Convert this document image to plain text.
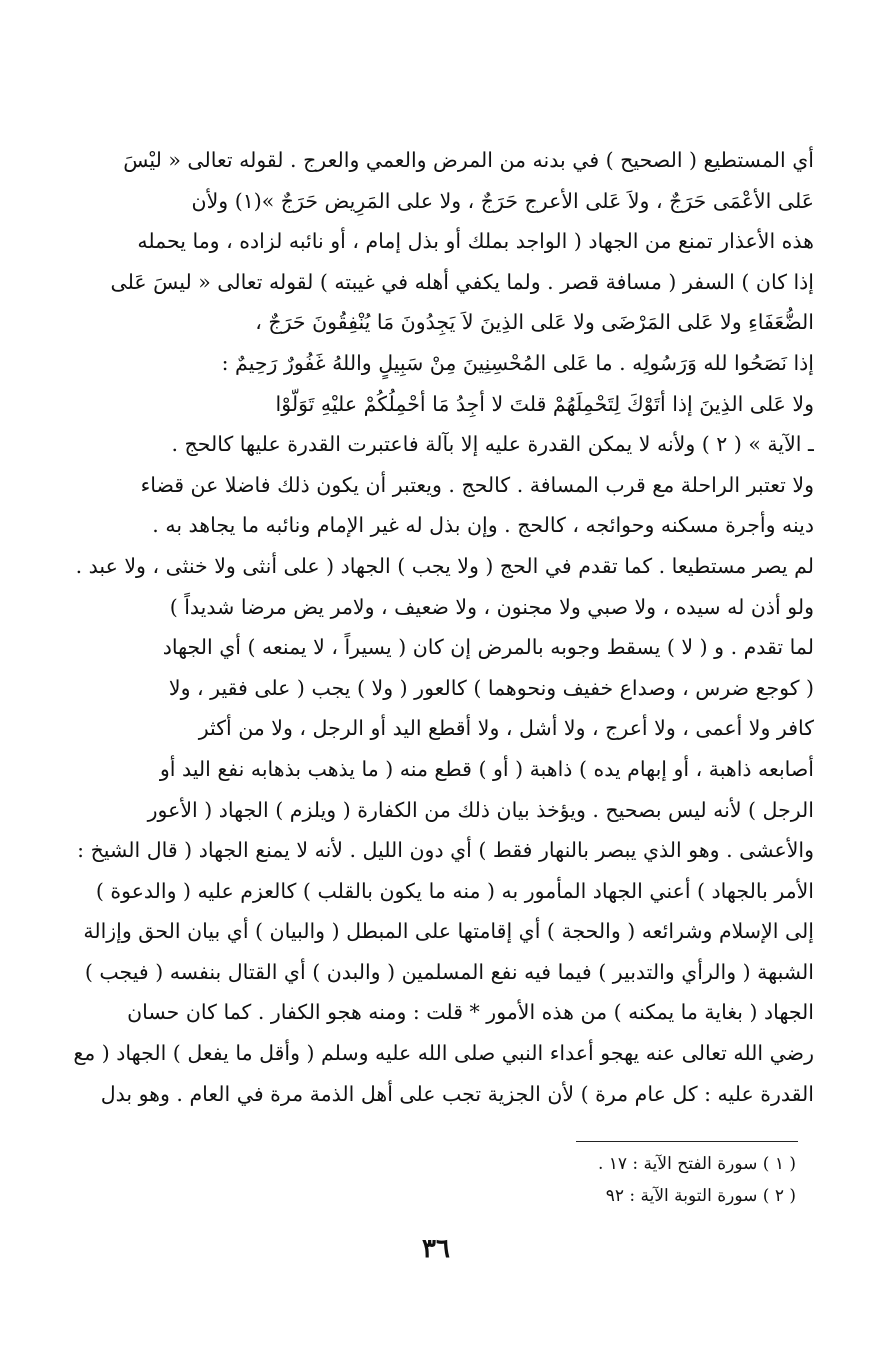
أي المستطيع ( الصحيح ) في بدنه من المرض والعمي والعرج . لقوله تعالى « ليْسَ
عَلى الأعْمَى حَرَجٌ ، ولاَ عَلى الأعرج حَرَجٌ ، ولا على المَرِيض حَرَجٌ »(١) ولأن
هذه الأعذار تمنع من الجهاد ( الواجد بملك أو بذل إمام ، أو نائبه لزاده ، وما يحمله
إذا كان ) السفر ( مسافة قصر . ولما يكفي أهله في غيبته ) لقوله تعالى « ليسَ عَلى
الضُّعَفَاءِ ولا عَلى المَرْضَى ولا عَلى الذِينَ لاَ يَجِدُونَ مَا يُنْفِقُونَ حَرَجٌ ،
إذا نَصَحُوا لله وَرَسُولِه . ما عَلى المُحْسِنِينَ مِنْ سَبِيلٍ واللهُ غَفُورٌ رَحِيمٌ :
ولا عَلى الذِينَ إذا أتَوْكَ لِتَحْمِلَهُمْ قلتَ لا أجِدُ مَا أحْمِلُكُمْ عليْهِ تَوَلّوْا
ـ الآية » ( ٢ ) ولأنه لا يمكن القدرة عليه إلا بآلة فاعتبرت القدرة عليها كالحج .
ولا تعتبر الراحلة مع قرب المسافة . كالحج . ويعتبر أن يكون ذلك فاضلا عن قضاء
دينه وأجرة مسكنه وحوائجه ، كالحج . وإن بذل له غير الإمام ونائبه ما يجاهد به .
لم يصر مستطيعا . كما تقدم في الحج ( ولا يجب ) الجهاد ( على أنثى ولا خنثى ، ولا عبد .
ولو أذن له سيده ، ولا صبي ولا مجنون ، ولا ضعيف ، ولامر يض مرضا شديداً )
لما تقدم . و ( لا ) يسقط وجوبه بالمرض إن كان ( يسيراً ، لا يمنعه ) أي الجهاد
( كوجع ضرس ، وصداع خفيف ونحوهما ) كالعور ( ولا ) يجب ( على فقير ، ولا
كافر ولا أعمى ، ولا أعرج ، ولا أشل ، ولا أقطع اليد أو الرجل ، ولا من أكثر
أصابعه ذاهبة ، أو إبهام يده ) ذاهبة ( أو ) قطع منه ( ما يذهب بذهابه نفع اليد أو
الرجل ) لأنه ليس بصحيح . ويؤخذ بيان ذلك من الكفارة ( ويلزم ) الجهاد ( الأعور
والأعشى . وهو الذي يبصر بالنهار فقط ) أي دون الليل . لأنه لا يمنع الجهاد ( قال الشيخ :
الأمر بالجهاد ) أعني الجهاد المأمور به ( منه ما يكون بالقلب ) كالعزم عليه ( والدعوة )
إلى الإسلام وشرائعه ( والحجة ) أي إقامتها على المبطل ( والبيان ) أي بيان الحق وإزالة
الشبهة ( والرأي والتدبير ) فيما فيه نفع المسلمين ( والبدن ) أي القتال بنفسه ( فيجب )
الجهاد ( بغاية ما يمكنه ) من هذه الأمور * قلت : ومنه هجو الكفار . كما كان حسان
رضي الله تعالى عنه يهجو أعداء النبي صلى الله عليه وسلم ( وأقل ما يفعل ) الجهاد ( مع
القدرة عليه : كل عام مرة ) لأن الجزية تجب على أهل الذمة مرة في العام . وهو بدل
( ١ ) سورة الفتح الآية : ١٧ .
( ٢ ) سورة التوبة الآية : ٩٢
٣٦
